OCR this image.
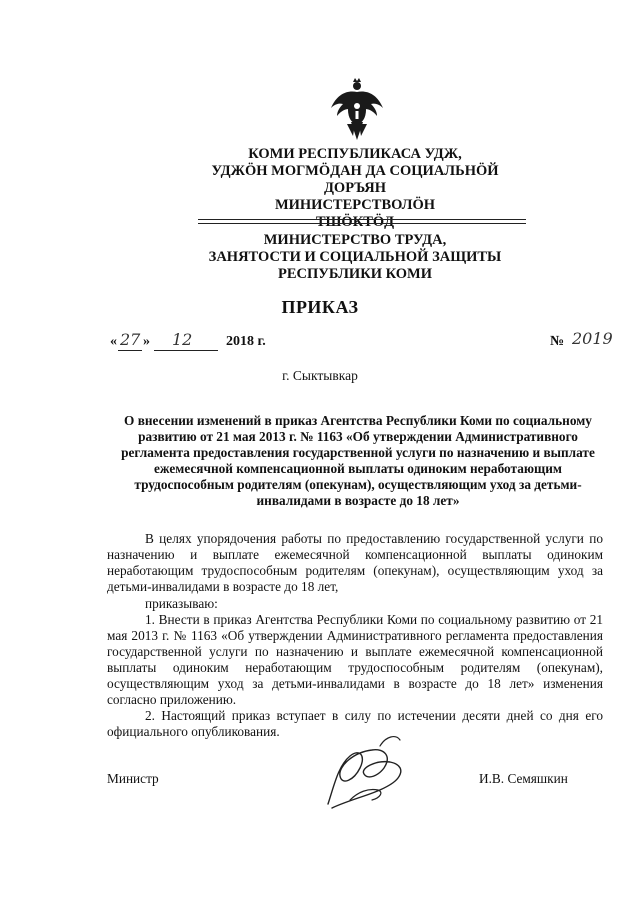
КОМИ РЕСПУБЛИКАСА УДЖ,
УДЖÖН МОГМÖДАН ДА СОЦИАЛЬНÖЙ ДОРЪЯН
МИНИСТЕРСТВОЛÖН
ТШÖКТÖД
МИНИСТЕРСТВО ТРУДА,
ЗАНЯТОСТИ И СОЦИАЛЬНОЙ ЗАЩИТЫ
РЕСПУБЛИКИ КОМИ
ПРИКАЗ
« 27 » 12 2018 г.	№ 2019
г. Сыктывкар
О внесении изменений в приказ Агентства Республики Коми по социальному развитию от 21 мая 2013 г. № 1163 «Об утверждении Административного регламента предоставления государственной услуги по назначению и выплате ежемесячной компенсационной выплаты одиноким неработающим трудоспособным родителям (опекунам), осуществляющим уход за детьми-инвалидами в возрасте до 18 лет»
В целях упорядочения работы по предоставлению государственной услуги по назначению и выплате ежемесячной компенсационной выплаты одиноким неработающим трудоспособным родителям (опекунам), осуществляющим уход за детьми-инвалидами в возрасте до 18 лет,
приказываю:
1. Внести в приказ Агентства Республики Коми по социальному развитию от 21 мая 2013 г. № 1163 «Об утверждении Административного регламента предоставления государственной услуги по назначению и выплате ежемесячной компенсационной выплаты одиноким неработающим трудоспособным родителям (опекунам), осуществляющим уход за детьми-инвалидами в возрасте до 18 лет» изменения согласно приложению.
2. Настоящий приказ вступает в силу по истечении десяти дней со дня его официального опубликования.
Министр	И.В. Семяшкин
